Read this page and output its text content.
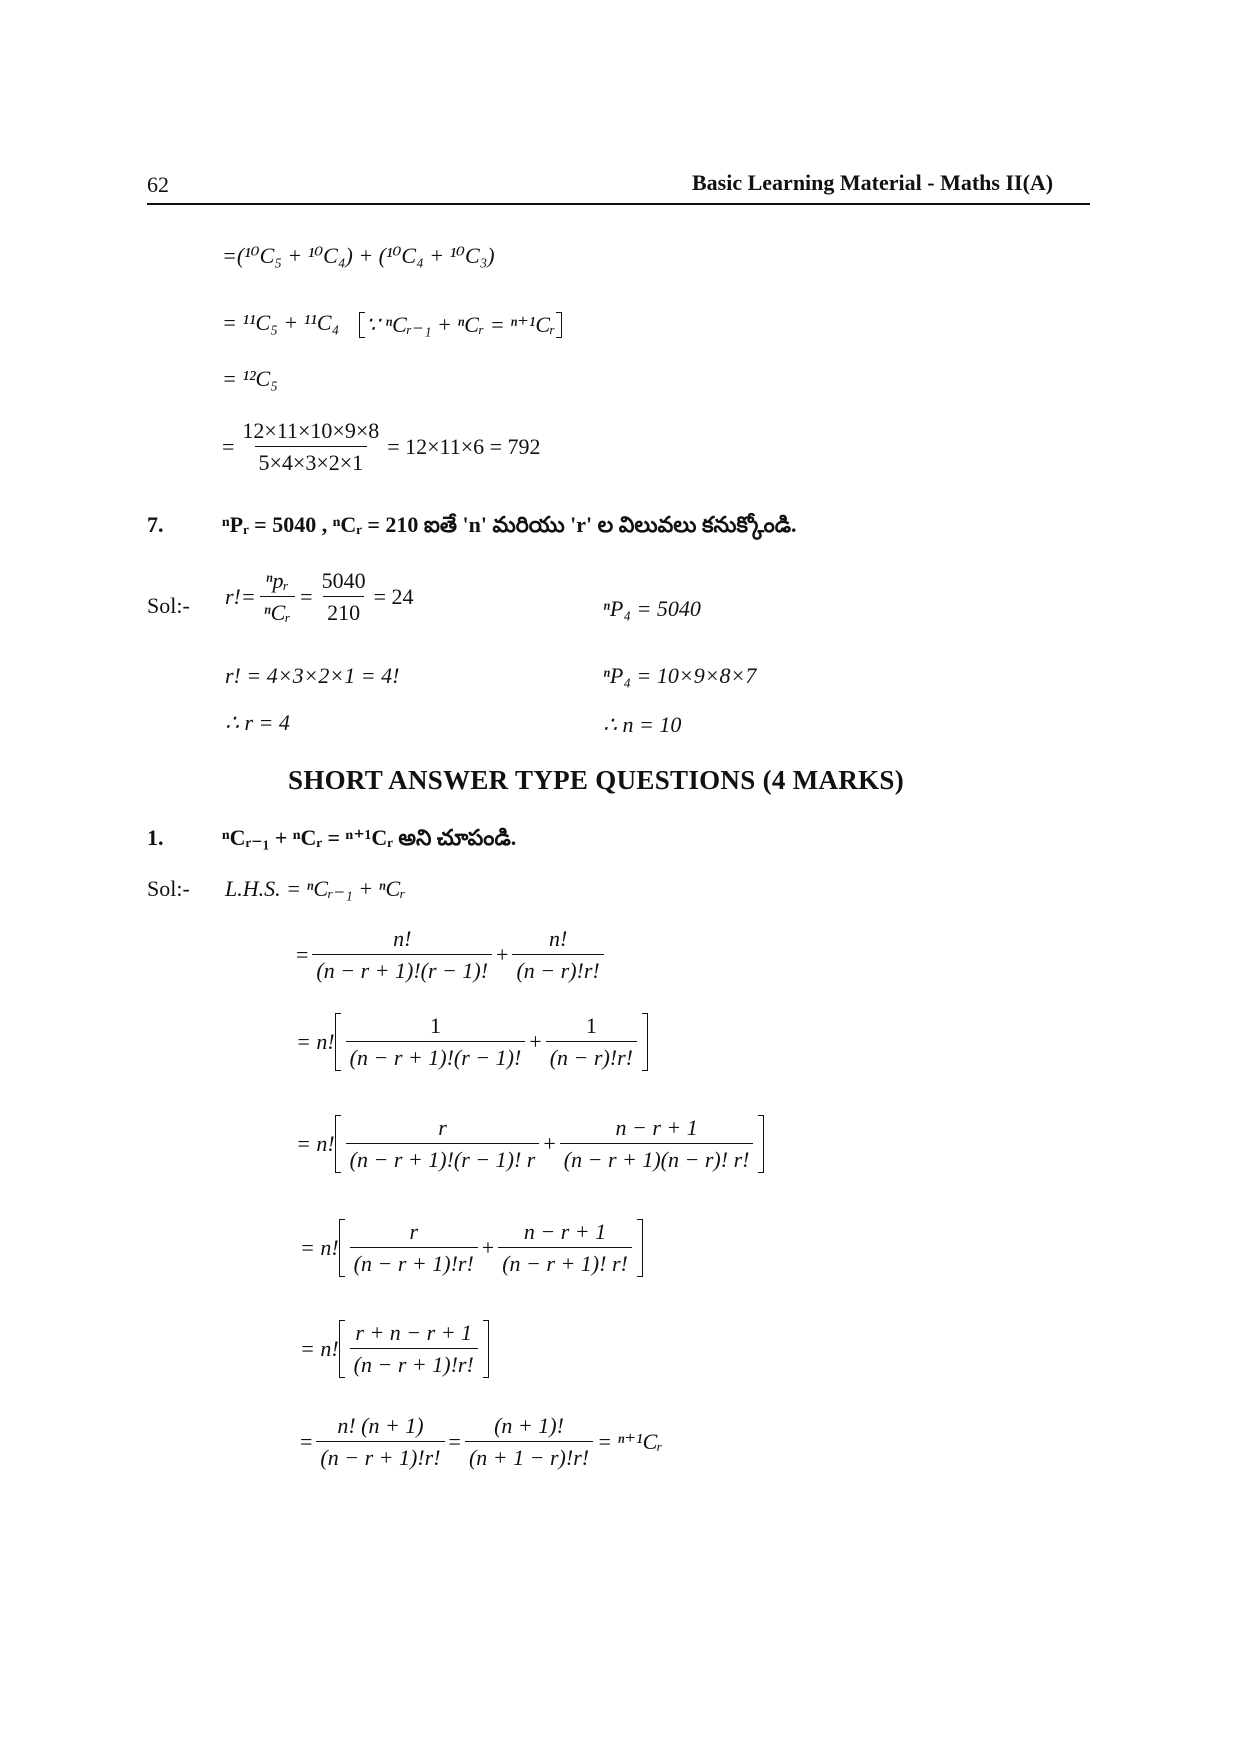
62	Basic Learning Material - Maths II(A)
=(¹⁰C₅ + ¹⁰C₄) + (¹⁰C₄ + ¹⁰C₃)
= ¹¹C₅ + ¹¹C₄ ∵ ⁿCᵣ₋₁ + ⁿCᵣ = ⁿ⁺¹Cᵣ
= ¹²C₅
= $\frac{12\times 11\times 10\times 9\times 8}{5\times 4\times 3\times 2\times 1} = 12\times 11\times 6 = 792$
7.	ⁿPᵣ = 5040 , ⁿCᵣ = 210 ఐతే 'n' మరియు 'r' ల విలువలు కనుక్కోండి.
Sol:- $r!= \frac{\text{ⁿpᵣ}}{\text{ⁿCᵣ}} = \frac{5040}{210} = 24$	ⁿP₄ = 5040
r! = 4×3×2×1 = 4!	ⁿP₄ = 10×9×8×7
∴ r = 4	∴ n = 10
SHORT ANSWER TYPE QUESTIONS (4 MARKS)
1.	ⁿCᵣ₋₁ + ⁿCᵣ = ⁿ⁺¹Cᵣ అని చూపండి.
Sol:- L.H.S. = ⁿCᵣ₋₁ + ⁿCᵣ
= $\frac{n!}{(n - r + 1)!(r - 1)!} + \frac{n!}{(n - r)!r!}$
= n! $\frac{1}{(n - r + 1)!(r - 1)!} + \frac{1}{(n - r)!r!}$
= n! $\frac{r}{(n - r + 1)!(r - 1)! r} + \frac{n - r + 1}{(n - r + 1)(n - r)! r!}$
= n! $\frac{r}{(n - r + 1)!r!} + \frac{n - r + 1}{(n - r + 1)! r!}$
= n! $\frac{r + n - r + 1}{(n - r + 1)!r!}$
= $\frac{n! (n + 1)}{(n - r + 1)!r!} = \frac{(n + 1)!}{(n + 1 - r)!r!}$ = ⁿ⁺¹Cᵣ
